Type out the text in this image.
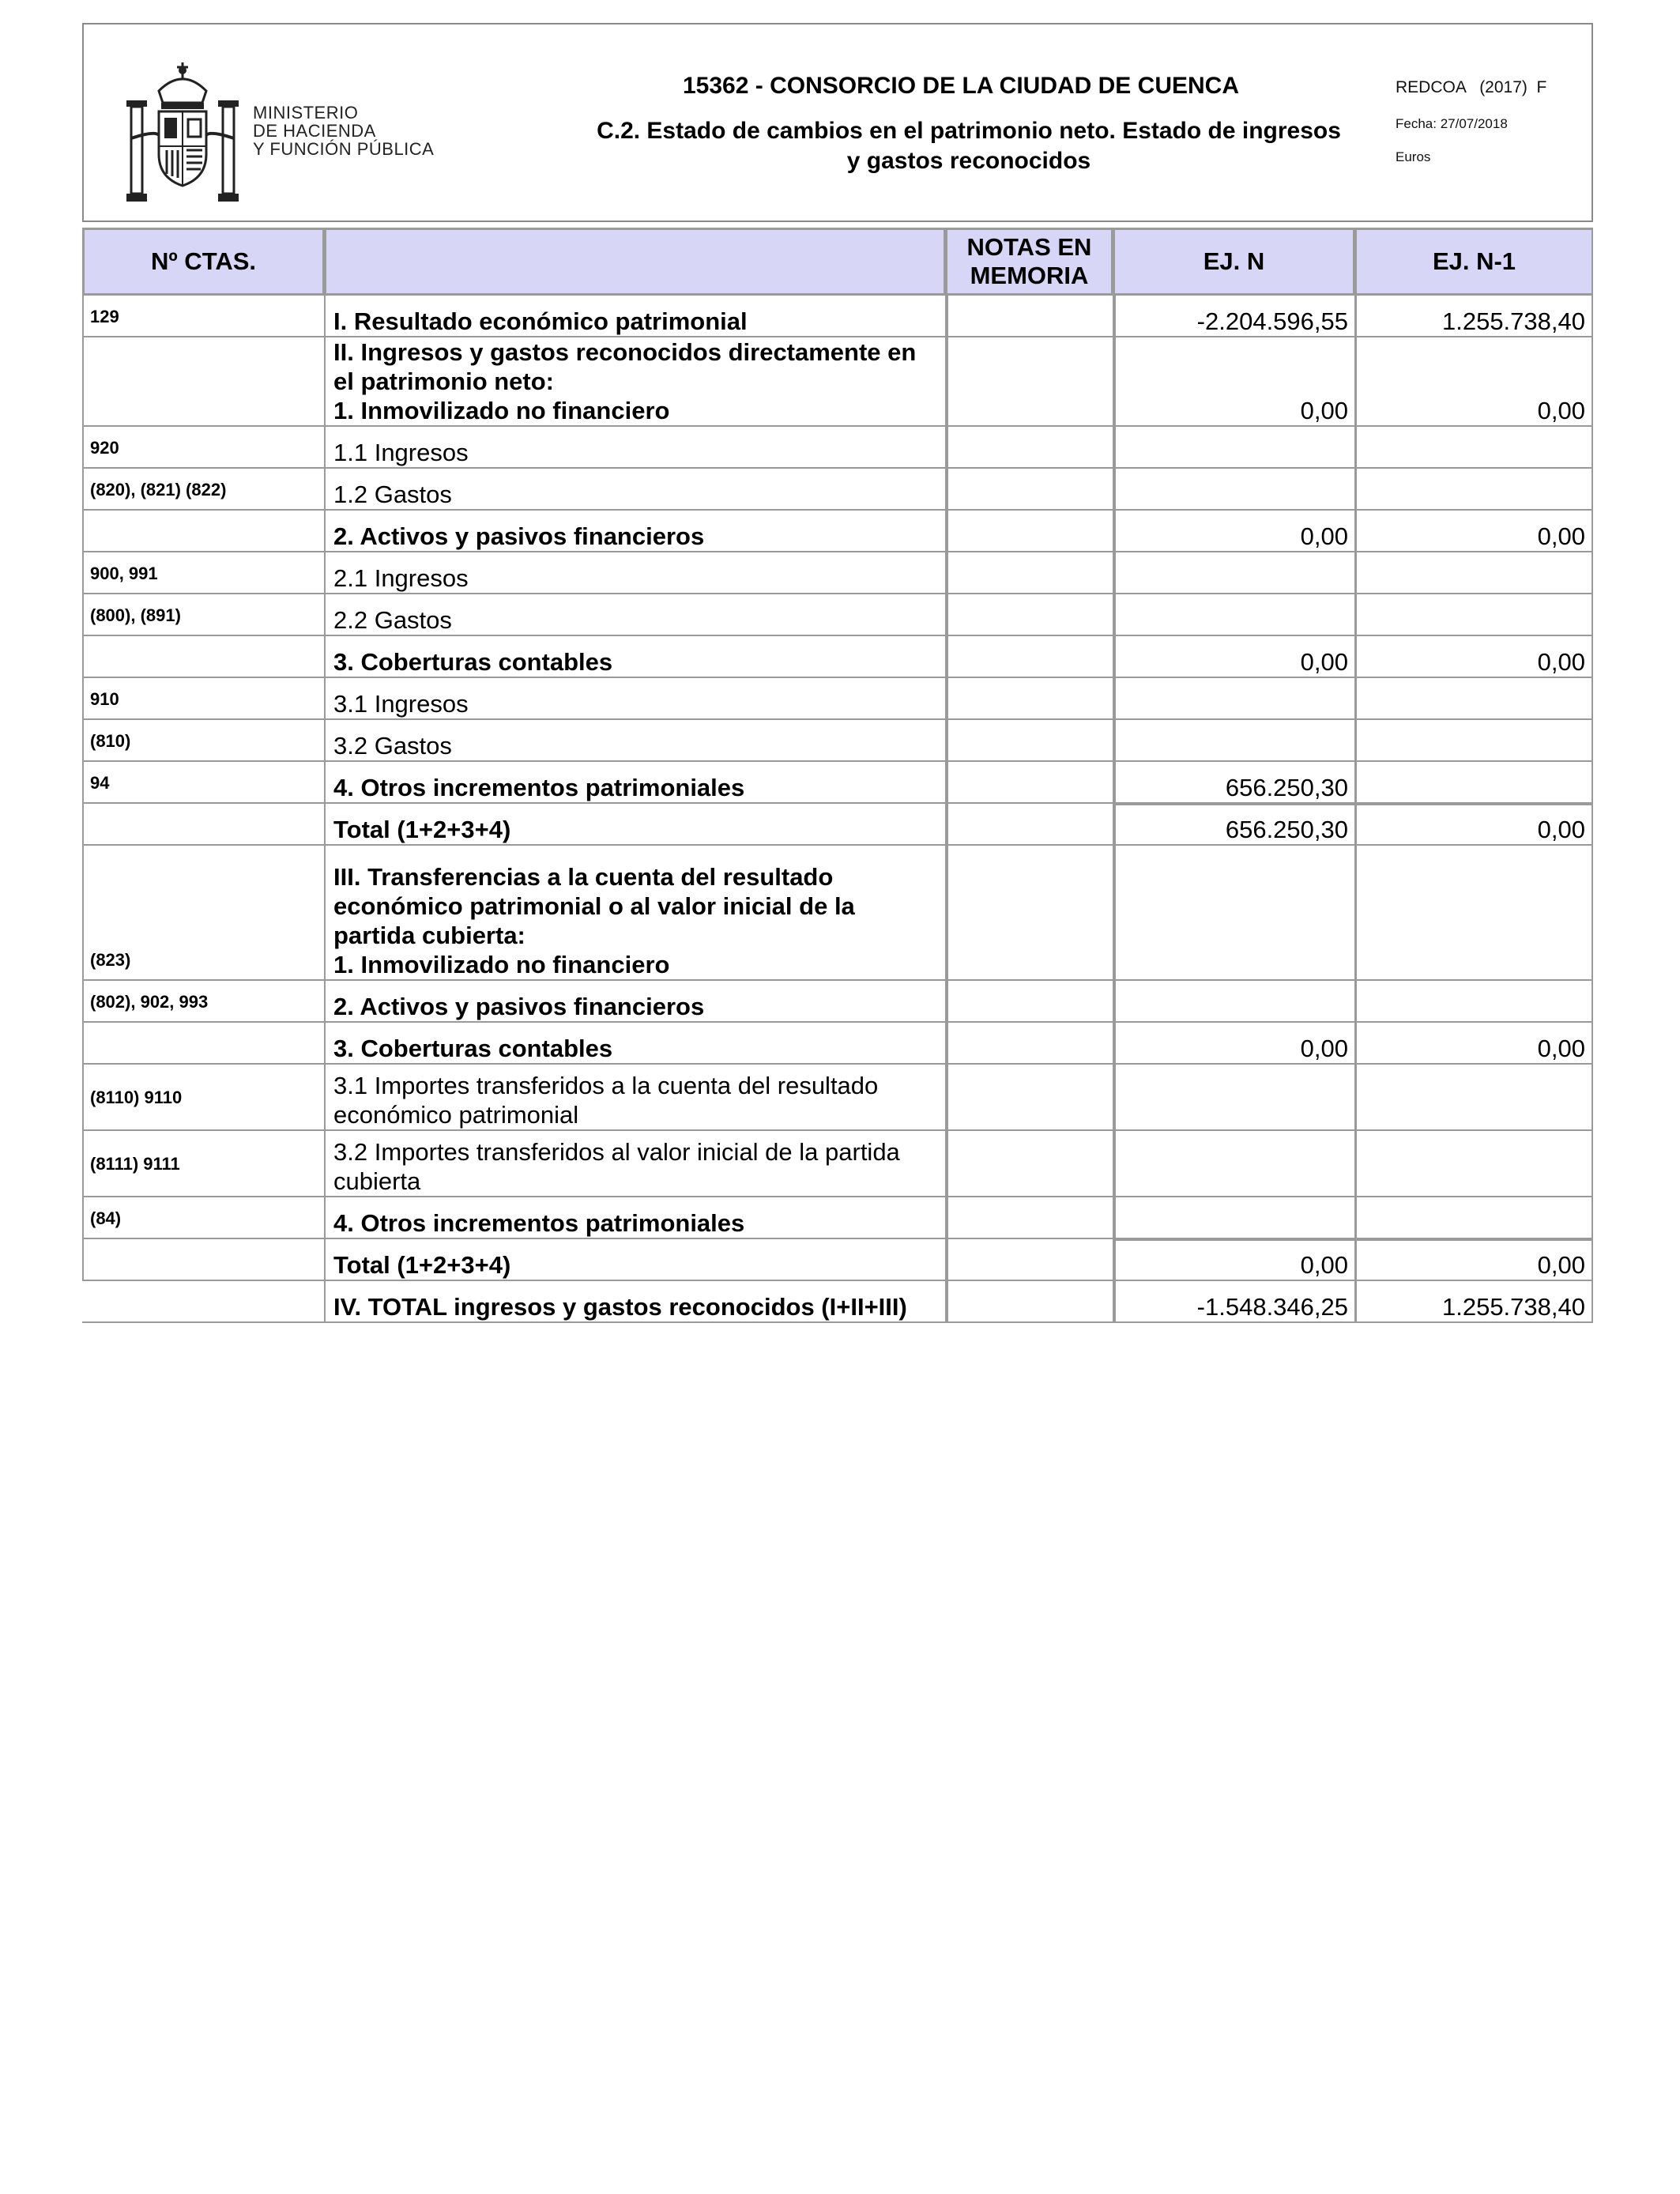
MINISTERIO
DE HACIENDA
Y FUNCIÓN PÚBLICA
15362 - CONSORCIO DE LA CIUDAD DE CUENCA
C.2. Estado de cambios en el patrimonio neto. Estado de ingresos y gastos reconocidos
REDCOA   (2017)  F
Fecha: 27/07/2018
Euros
Nº CTAS.		NOTAS EN MEMORIA	EJ. N	EJ. N-1
129	I. Resultado económico patrimonial		-2.204.596,55	1.255.738,40

	II. Ingresos y gastos reconocidos directamente en el patrimonio neto:
1. Inmovilizado no financiero		0,00	0,00
920	1.1 Ingresos			

(820), (821) (822)	1.2 Gastos			

	2. Activos y pasivos financieros		0,00	0,00
900, 991	2.1 Ingresos			

(800), (891)	2.2 Gastos			

	3. Coberturas contables		0,00	0,00
910	3.1 Ingresos			

(810)	3.2 Gastos			

94	4. Otros incrementos patrimoniales		656.250,30	

	Total (1+2+3+4)		656.250,30	0,00
(823)	III. Transferencias a la cuenta del resultado económico patrimonial o al valor inicial de la partida cubierta:
1. Inmovilizado no financiero			

(802), 902, 993	2. Activos y pasivos financieros			

	3. Coberturas contables		0,00	0,00
(8110) 9110	3.1 Importes transferidos a la cuenta del resultado económico patrimonial			

(8111) 9111	3.2 Importes transferidos al valor inicial de la partida cubierta			

(84)	4. Otros incrementos patrimoniales			

	Total (1+2+3+4)		0,00	0,00

	IV. TOTAL ingresos y gastos reconocidos (I+II+III)		-1.548.346,25	1.255.738,40
